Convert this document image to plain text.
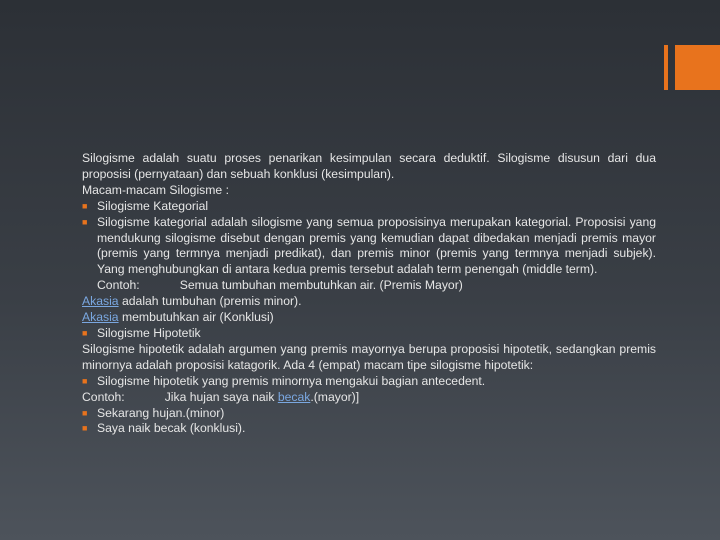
Silogisme adalah suatu proses penarikan kesimpulan secara deduktif. Silogisme disusun dari dua proposisi (pernyataan) dan sebuah konklusi (kesimpulan).

Macam-macam Silogisme :

■ Silogisme Kategorial
■ Silogisme kategorial adalah silogisme yang semua proposisinya merupakan kategorial. Proposisi yang mendukung silogisme disebut dengan premis yang kemudian dapat dibedakan menjadi premis mayor (premis yang termnya menjadi predikat), dan premis minor (premis yang termnya menjadi subjek). Yang menghubungkan di antara kedua premis tersebut adalah term penengah (middle term).

Contoh:	Semua tumbuhan membutuhkan air. (Premis Mayor)

Akasia adalah tumbuhan (premis minor).

Akasia membutuhkan air (Konklusi)

■ Silogisme Hipotetik

Silogisme hipotetik adalah argumen yang premis mayornya berupa proposisi hipotetik, sedangkan premis minornya adalah proposisi katagorik. Ada 4 (empat) macam tipe silogisme hipotetik:

■ Silogisme hipotetik yang premis minornya mengakui bagian antecedent.

Contoh:	Jika hujan saya naik becak.(mayor)]

■ Sekarang hujan.(minor)
■ Saya naik becak (konklusi).
